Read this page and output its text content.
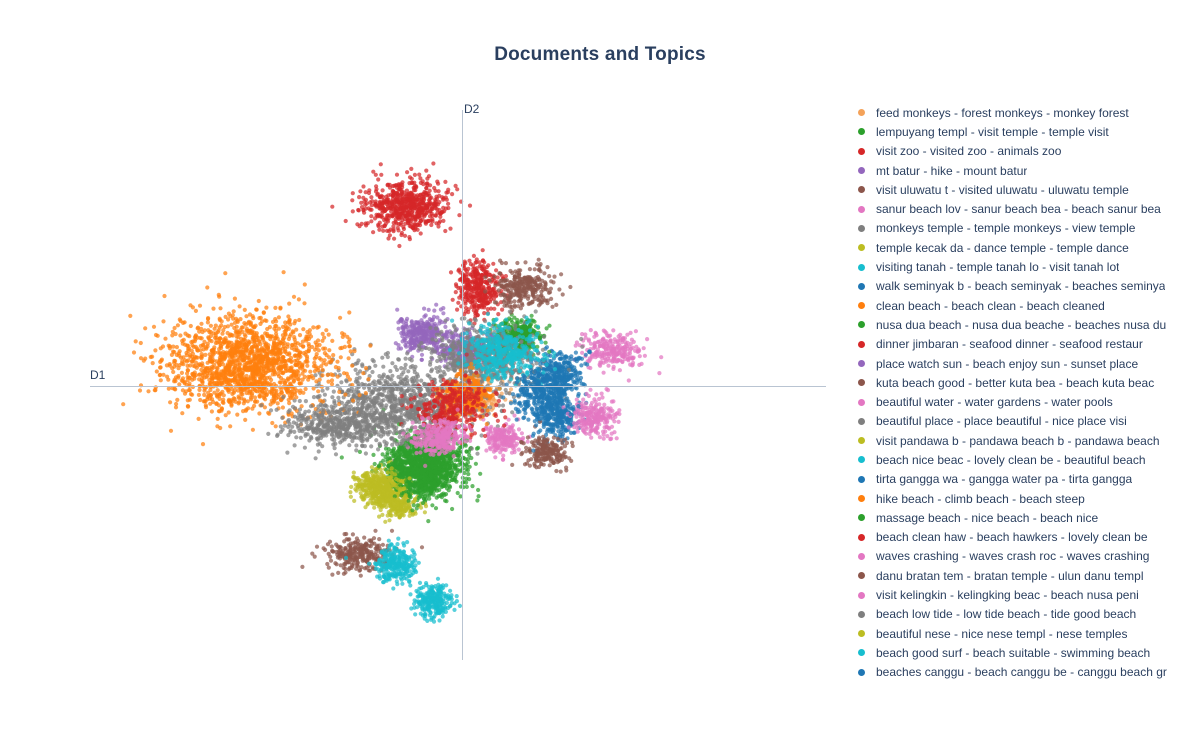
Documents and Topics
D2
D1
feed monkeys - forest monkeys - monkey forest
lempuyang templ - visit temple - temple visit
visit zoo - visited zoo - animals zoo
mt batur - hike - mount batur
visit uluwatu t - visited uluwatu - uluwatu temple
sanur beach lov - sanur beach bea - beach sanur bea
monkeys temple - temple monkeys - view temple
temple kecak da - dance temple - temple dance
visiting tanah - temple tanah lo - visit tanah lot
walk seminyak b - beach seminyak - beaches seminya
clean beach - beach clean - beach cleaned
nusa dua beach - nusa dua beache - beaches nusa du
dinner jimbaran - seafood dinner - seafood restaur
place watch sun - beach enjoy sun - sunset place
kuta beach good - better kuta bea - beach kuta beac
beautiful water - water gardens - water pools
beautiful place - place beautiful - nice place visi
visit pandawa b - pandawa beach b - pandawa beach
beach nice beac - lovely clean be - beautiful beach
tirta gangga wa - gangga water pa - tirta gangga
hike beach - climb beach - beach steep
massage beach - nice beach - beach nice
beach clean haw - beach hawkers - lovely clean be
waves crashing - waves crash roc - waves crashing
danu bratan tem - bratan temple - ulun danu templ
visit kelingkin - kelingking beac - beach nusa peni
beach low tide - low tide beach - tide good beach
beautiful nese - nice nese templ - nese temples
beach good surf - beach suitable - swimming beach
beaches canggu - beach canggu be - canggu beach gr
